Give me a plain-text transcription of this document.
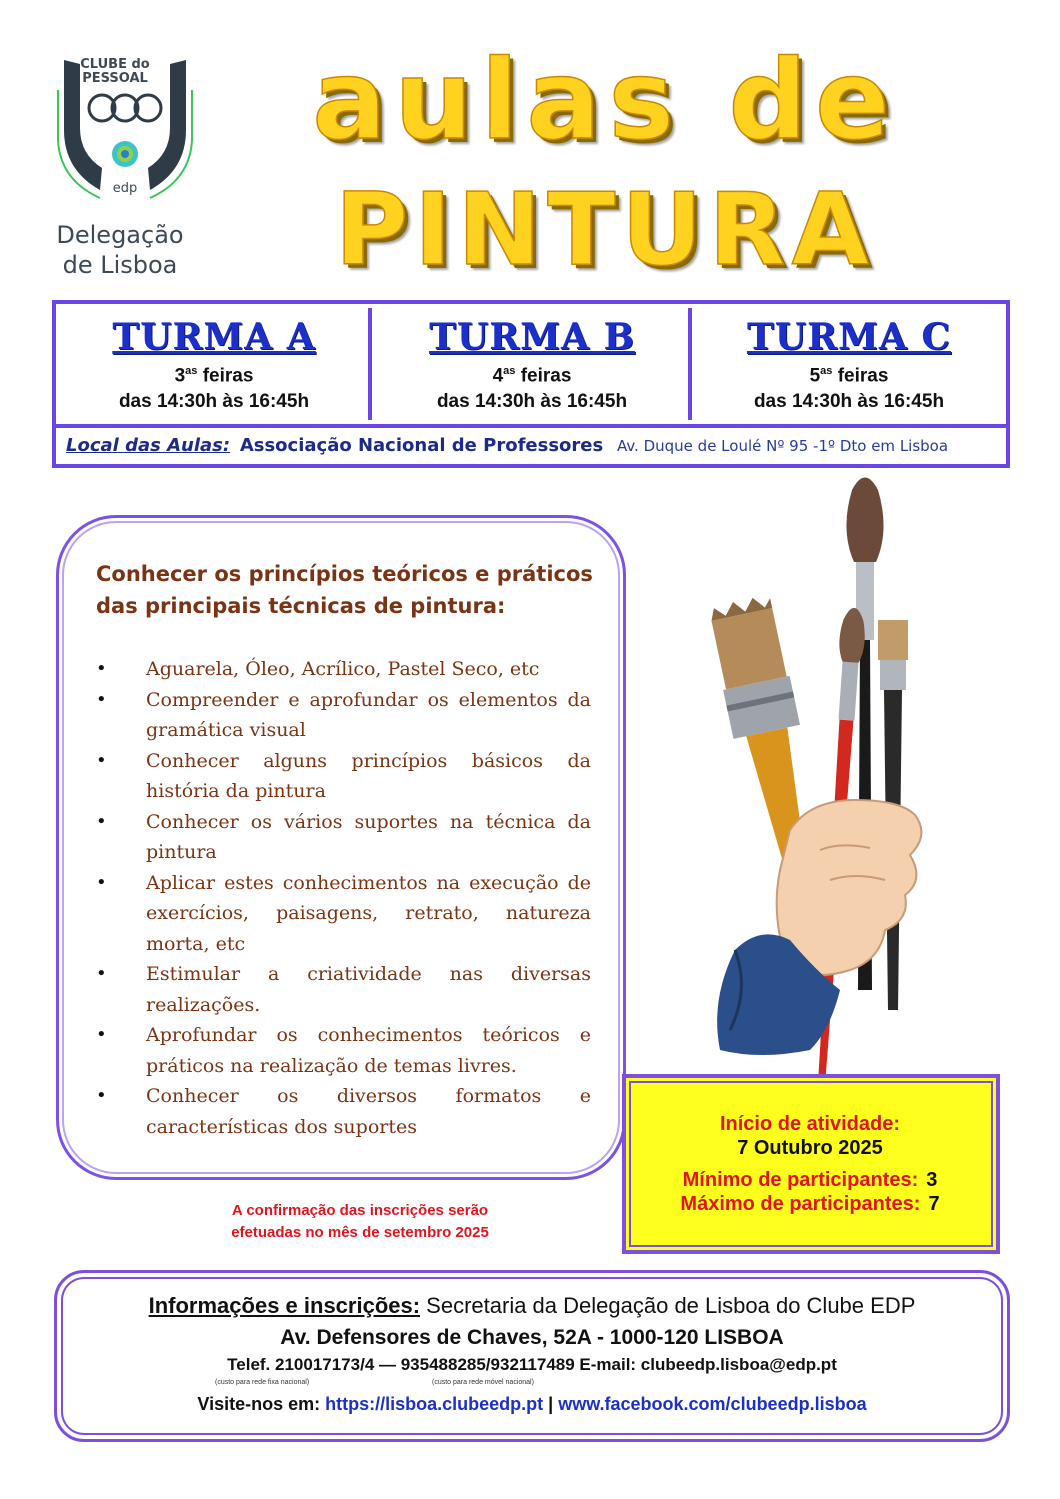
edp
CLUBE do
PESSOAL
Delegação
de Lisboa
aulas de
PINTURA
TURMA A
$3^{as}$ feiras
das 14:30h às 16:45h
TURMA B
$4^{as}$ feiras
das 14:30h às 16:45h
TURMA C
$5^{as}$ feiras
das 14:30h às 16:45h
Local das Aulas: Associação Nacional de Professores Av. Duque de Loulé Nº 95 -1º Dto em Lisboa
Conhecer os princípios teóricos e práticos das principais técnicas de pintura:
• Aguarela, Óleo, Acrílico, Pastel Seco, etc
• Compreender e aprofundar os elementos da gramática visual
• Conhecer alguns princípios básicos da história da pintura
• Conhecer os vários suportes na técnica da pintura
• Aplicar estes conhecimentos na execução de exercícios, paisagens, retrato, natureza morta, etc
• Estimular a criatividade nas diversas realizações.
• Aprofundar os conhecimentos teóricos e práticos na realização de temas livres.
• Conhecer os diversos formatos e características dos suportes
A confirmação das inscrições serão
efetuadas no mês de setembro 2025
Início de atividade:
7 Outubro 2025
Mínimo de participantes: 3
Máximo de participantes: 7
Informações e inscrições: Secretaria da Delegação de Lisboa do Clube EDP
Av. Defensores de Chaves, 52A - 1000-120 LISBOA
Telef. 210017173/4 — 935488285/932117489 E-mail: clubeedp.lisboa@edp.pt
(custo para rede fixa nacional)	(custo para rede móvel nacional)
Visite-nos em: https://lisboa.clubeedp.pt | www.facebook.com/clubeedp.lisboa
